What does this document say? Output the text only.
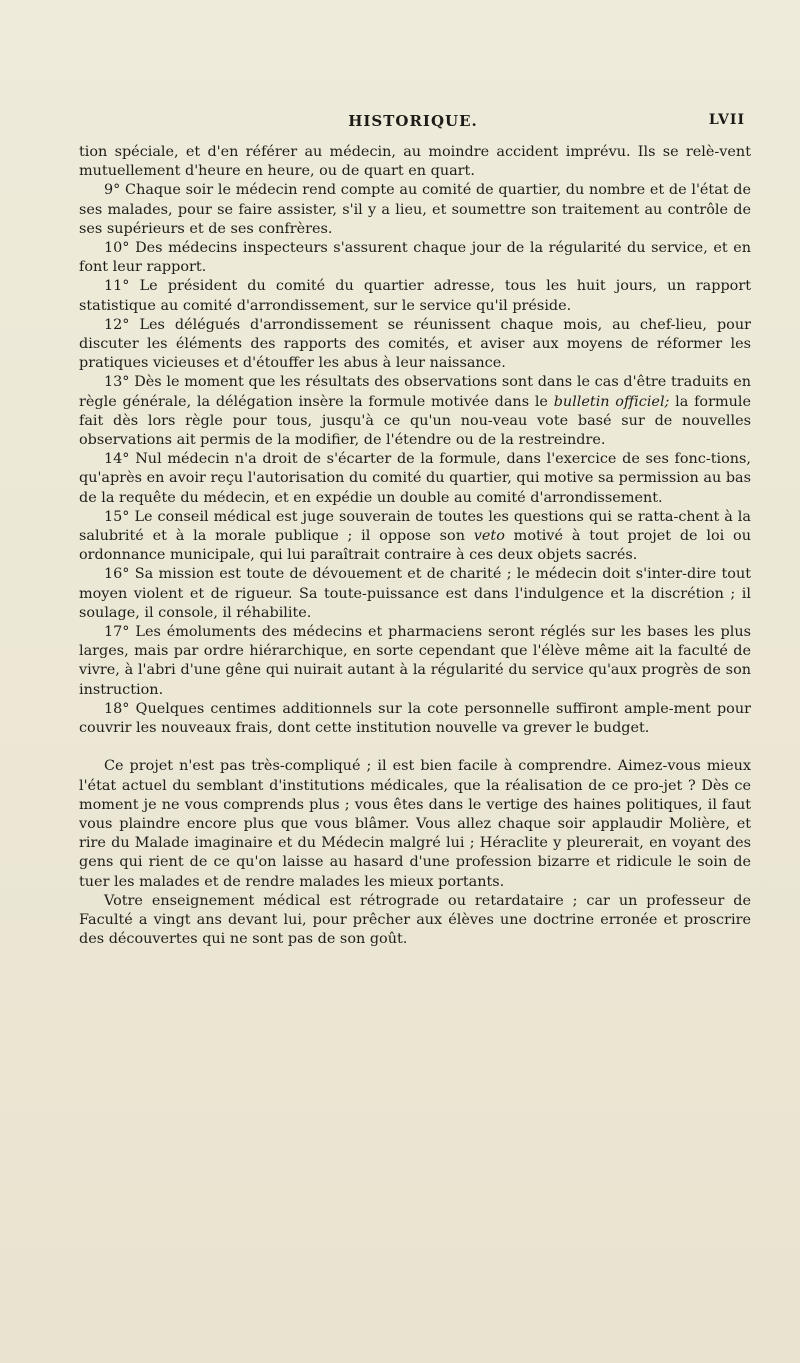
HISTORIQUE.	LVII

tion spéciale, et d'en référer au médecin, au moindre accident imprévu. Ils se relè-vent mutuellement d'heure en heure, ou de quart en quart.

9° Chaque soir le médecin rend compte au comité de quartier, du nombre et de l'état de ses malades, pour se faire assister, s'il y a lieu, et soumettre son traitement au contrôle de ses supérieurs et de ses confrères.

10° Des médecins inspecteurs s'assurent chaque jour de la régularité du service, et en font leur rapport.

11° Le président du comité du quartier adresse, tous les huit jours, un rapport statistique au comité d'arrondissement, sur le service qu'il préside.

12° Les délégués d'arrondissement se réunissent chaque mois, au chef-lieu, pour discuter les éléments des rapports des comités, et aviser aux moyens de réformer les pratiques vicieuses et d'étouffer les abus à leur naissance.

13° Dès le moment que les résultats des observations sont dans le cas d'être traduits en règle générale, la délégation insère la formule motivée dans le bulletin officiel; la formule fait dès lors règle pour tous, jusqu'à ce qu'un nou-veau vote basé sur de nouvelles observations ait permis de la modifier, de l'étendre ou de la restreindre.

14° Nul médecin n'a droit de s'écarter de la formule, dans l'exercice de ses fonc-tions, qu'après en avoir reçu l'autorisation du comité du quartier, qui motive sa permission au bas de la requête du médecin, et en expédie un double au comité d'arrondissement.

15° Le conseil médical est juge souverain de toutes les questions qui se ratta-chent à la salubrité et à la morale publique ; il oppose son veto motivé à tout projet de loi ou ordonnance municipale, qui lui paraîtrait contraire à ces deux objets sacrés.

16° Sa mission est toute de dévouement et de charité ; le médecin doit s'inter-dire tout moyen violent et de rigueur. Sa toute-puissance est dans l'indulgence et la discrétion ; il soulage, il console, il réhabilite.

17° Les émoluments des médecins et pharmaciens seront réglés sur les bases les plus larges, mais par ordre hiérarchique, en sorte cependant que l'élève même ait la faculté de vivre, à l'abri d'une gêne qui nuirait autant à la régularité du service qu'aux progrès de son instruction.

18° Quelques centimes additionnels sur la cote personnelle suffiront ample-ment pour couvrir les nouveaux frais, dont cette institution nouvelle va grever le budget.

Ce projet n'est pas très-compliqué ; il est bien facile à comprendre. Aimez-vous mieux l'état actuel du semblant d'institutions médicales, que la réalisation de ce pro-jet ? Dès ce moment je ne vous comprends plus ; vous êtes dans le vertige des haines politiques, il faut vous plaindre encore plus que vous blâmer. Vous allez chaque soir applaudir Molière, et rire du Malade imaginaire et du Médecin malgré lui ; Héraclite y pleurerait, en voyant des gens qui rient de ce qu'on laisse au hasard d'une profession bizarre et ridicule le soin de tuer les malades et de rendre malades les mieux portants.

Votre enseignement médical est rétrograde ou retardataire ; car un professeur de Faculté a vingt ans devant lui, pour prêcher aux élèves une doctrine erronée et proscrire des découvertes qui ne sont pas de son goût.
